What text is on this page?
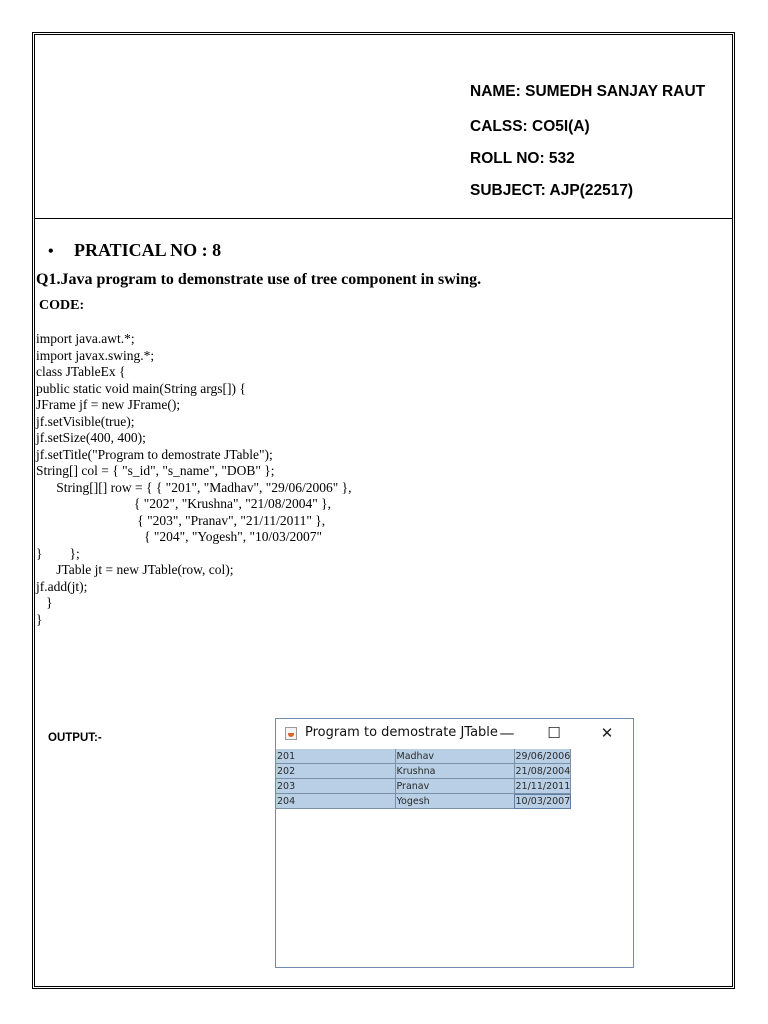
NAME: SUMEDH SANJAY RAUT
CALSS: CO5I(A)
ROLL NO: 532
SUBJECT: AJP(22517)
• PRATICAL NO : 8
Q1.Java program to demonstrate use of tree component in swing.
CODE:
import java.awt.*;
import javax.swing.*;
class JTableEx {
public static void main(String args[]) {
JFrame jf = new JFrame();
jf.setVisible(true);
jf.setSize(400, 400);
jf.setTitle("Program to demostrate JTable");
String[] col = { "s_id", "s_name", "DOB" };
String[][] row = { { "201", "Madhav", "29/06/2006" },
{ "202", "Krushna", "21/08/2004" },
{ "203", "Pranav", "21/11/2011" },
{ "204", "Yogesh", "10/03/2007"
}        };
JTable jt = new JTable(row, col);
jf.add(jt);
}
}
OUTPUT:-	Program to demostrate JTable —	☐	✕
201	Madhav	29/06/2006
202	Krushna	21/08/2004
203	Pranav	21/11/2011
204	Yogesh	10/03/2007
